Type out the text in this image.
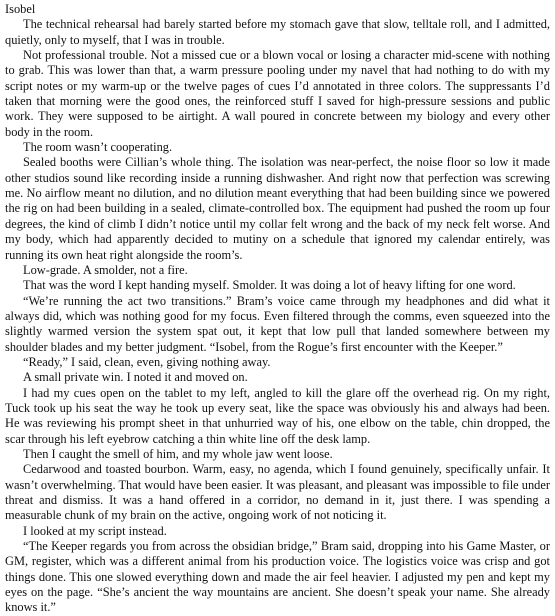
Isobel

The technical rehearsal had barely started before my stomach gave that slow, telltale roll, and I admitted, quietly, only to myself, that I was in trouble.

Not professional trouble. Not a missed cue or a blown vocal or losing a character mid-scene with nothing to grab. This was lower than that, a warm pressure pooling under my navel that had nothing to do with my script notes or my warm-up or the twelve pages of cues I’d annotated in three colors. The suppressants I’d taken that morning were the good ones, the reinforced stuff I saved for high-pressure sessions and public work. They were supposed to be airtight. A wall poured in concrete between my biology and every other body in the room.

The room wasn’t cooperating.

Sealed booths were Cillian’s whole thing. The isolation was near-perfect, the noise floor so low it made other studios sound like recording inside a running dishwasher. And right now that perfection was screwing me. No airflow meant no dilution, and no dilution meant everything that had been building since we powered the rig on had been building in a sealed, climate-controlled box. The equipment had pushed the room up four degrees, the kind of climb I didn’t notice until my collar felt wrong and the back of my neck felt worse. And my body, which had apparently decided to mutiny on a schedule that ignored my calendar entirely, was running its own heat right alongside the room’s.

Low-grade. A smolder, not a fire.

That was the word I kept handing myself. Smolder. It was doing a lot of heavy lifting for one word.

“We’re running the act two transitions.” Bram’s voice came through my headphones and did what it always did, which was nothing good for my focus. Even filtered through the comms, even squeezed into the slightly warmed version the system spat out, it kept that low pull that landed somewhere between my shoulder blades and my better judgment. “Isobel, from the Rogue’s first encounter with the Keeper.”

“Ready,” I said, clean, even, giving nothing away.

A small private win. I noted it and moved on.

I had my cues open on the tablet to my left, angled to kill the glare off the overhead rig. On my right, Tuck took up his seat the way he took up every seat, like the space was obviously his and always had been. He was reviewing his prompt sheet in that unhurried way of his, one elbow on the table, chin dropped, the scar through his left eyebrow catching a thin white line off the desk lamp.

Then I caught the smell of him, and my whole jaw went loose.

Cedarwood and toasted bourbon. Warm, easy, no agenda, which I found genuinely, specifically unfair. It wasn’t overwhelming. That would have been easier. It was pleasant, and pleasant was impossible to file under threat and dismiss. It was a hand offered in a corridor, no demand in it, just there. I was spending a measurable chunk of my brain on the active, ongoing work of not noticing it.

I looked at my script instead.

“The Keeper regards you from across the obsidian bridge,” Bram said, dropping into his Game Master, or GM, register, which was a different animal from his production voice. The logistics voice was crisp and got things done. This one slowed everything down and made the air feel heavier. I adjusted my pen and kept my eyes on the page. “She’s ancient the way mountains are ancient. She doesn’t speak your name. She already knows it.”
